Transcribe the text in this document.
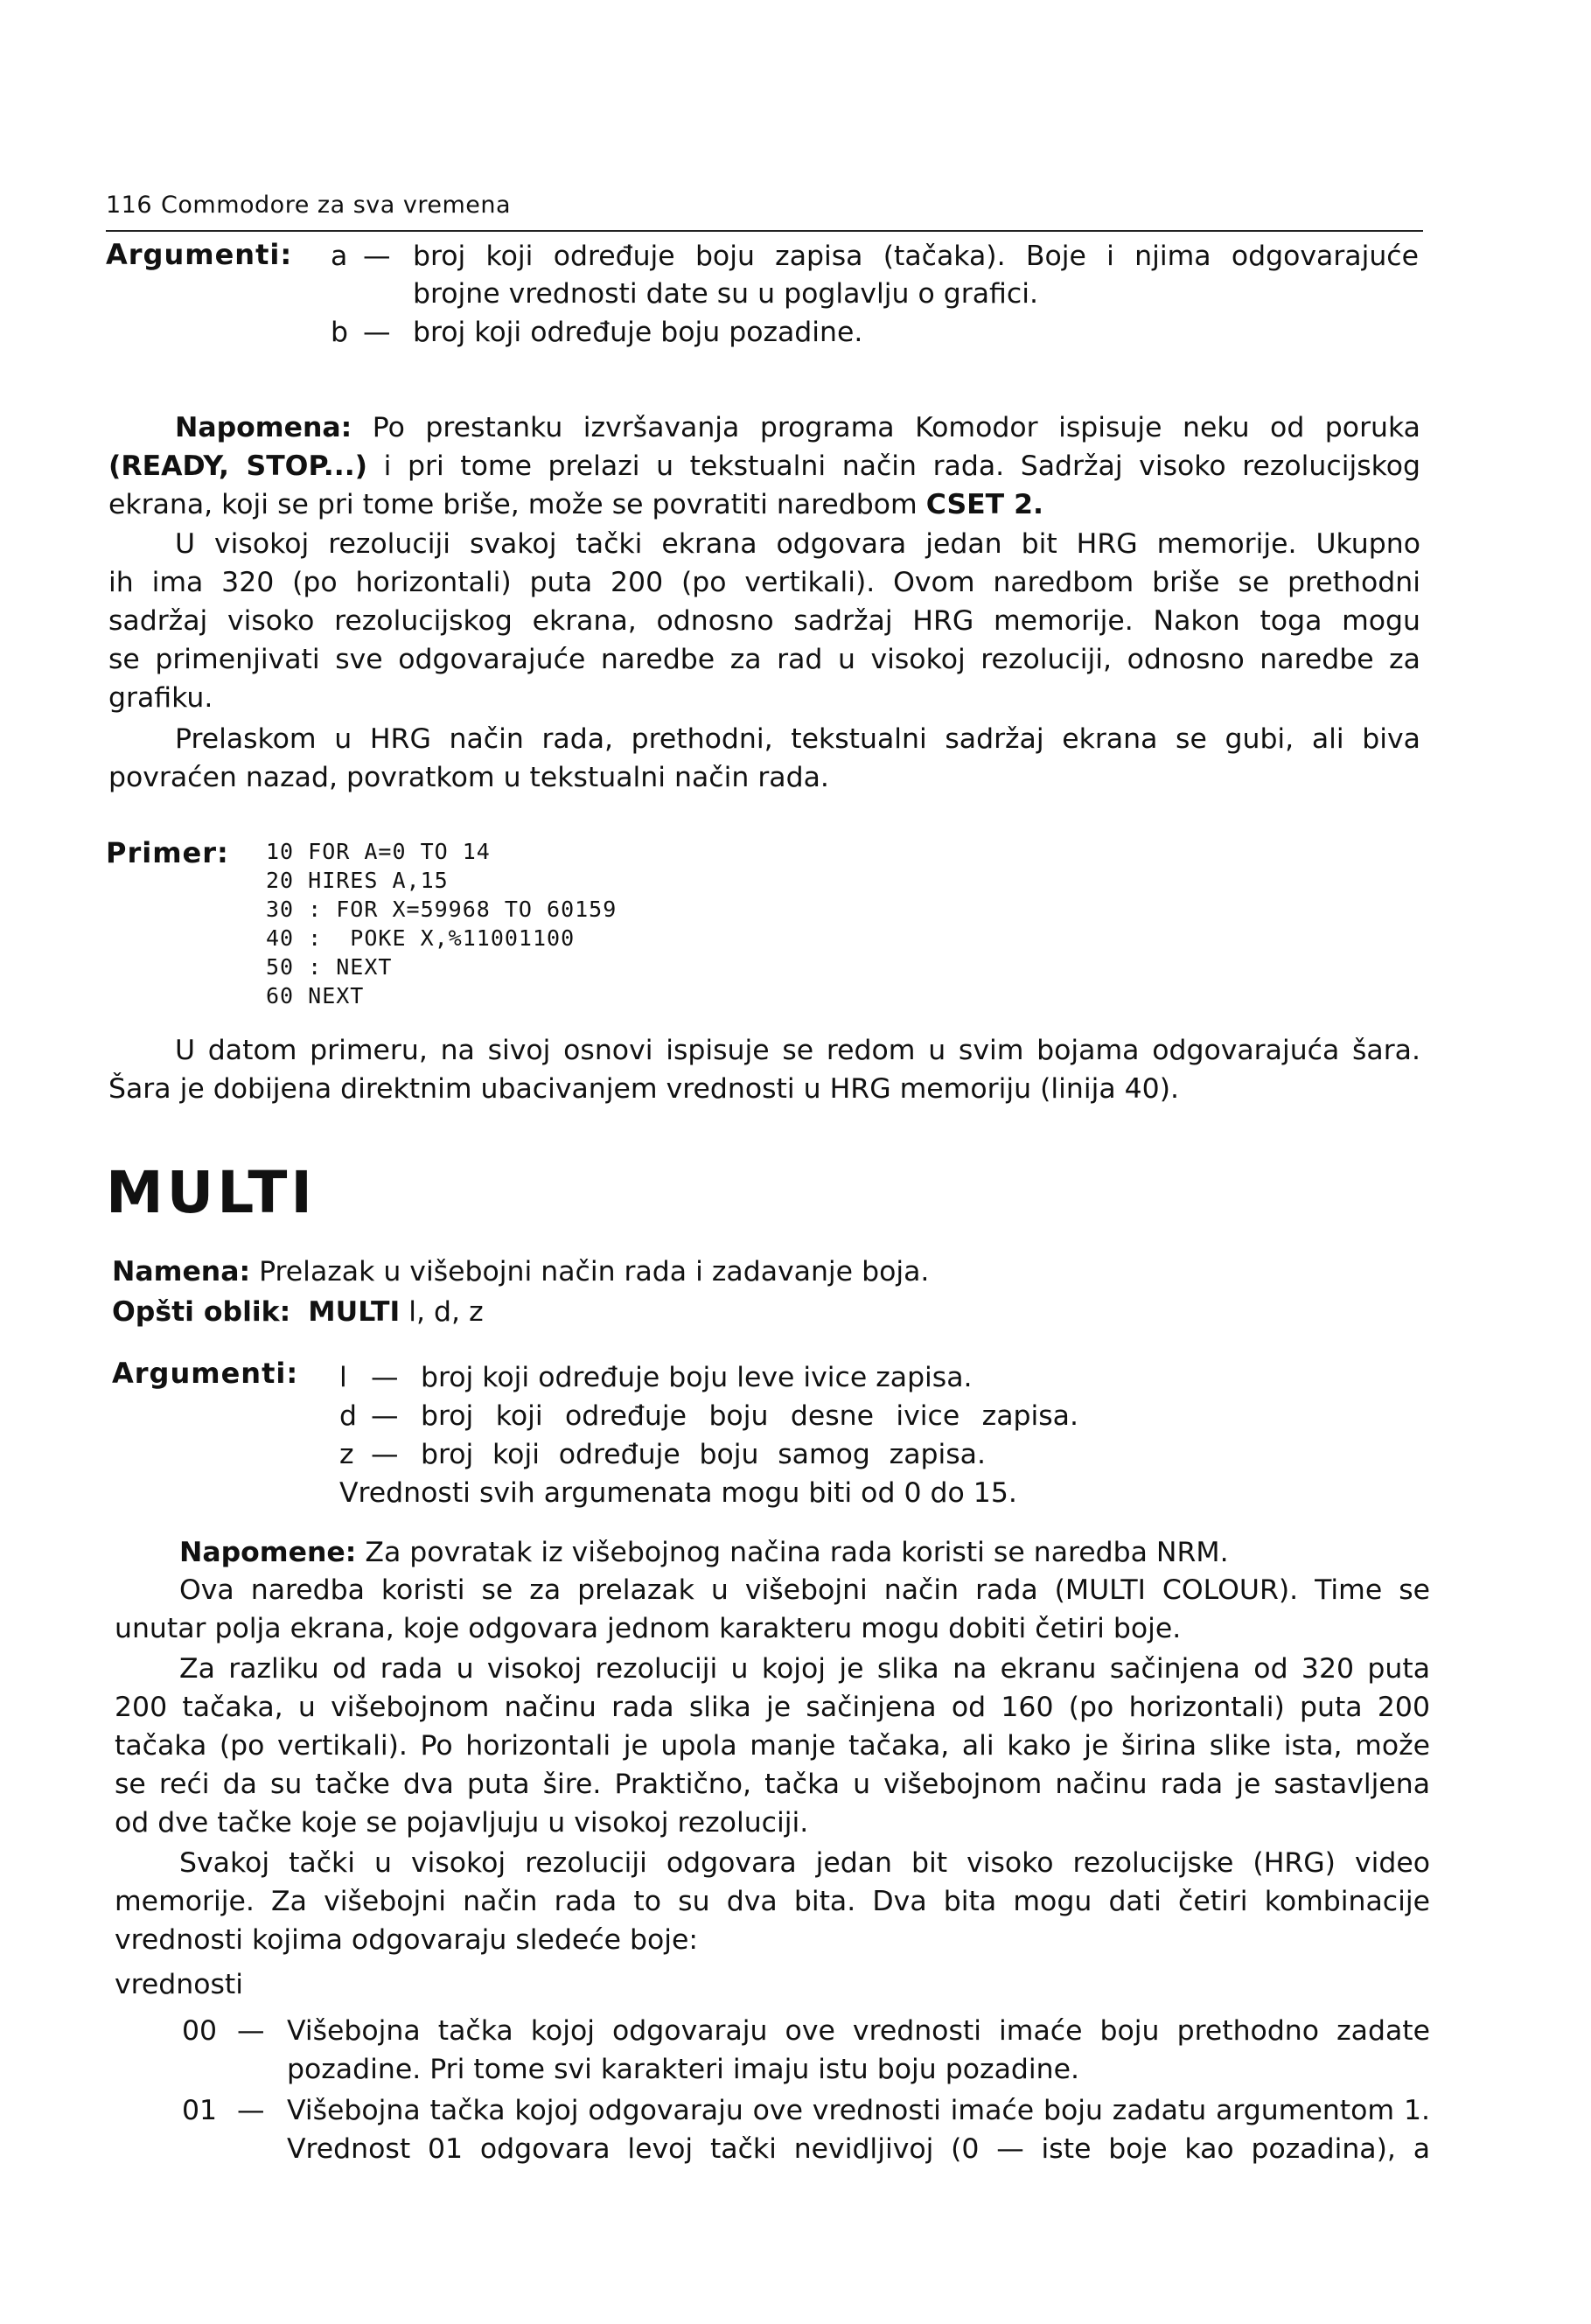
116 Commodore za sva vremena
Argumenti: a — broj koji određuje boju zapisa (tačaka). Boje i njima odgovarajuće
brojne vrednosti date su u poglavlju o grafici.
b — broj koji određuje boju pozadine.
Napomena: Po prestanku izvršavanja programa Komodor ispisuje neku od poruka
(READY, STOP...) i pri tome prelazi u tekstualni način rada. Sadržaj visoko rezolucijskog
ekrana, koji se pri tome briše, može se povratiti naredbom CSET 2.
U visokoj rezoluciji svakoj tački ekrana odgovara jedan bit HRG memorije. Ukupno
ih ima 320 (po horizontali) puta 200 (po vertikali). Ovom naredbom briše se prethodni
sadržaj visoko rezolucijskog ekrana, odnosno sadržaj HRG memorije. Nakon toga mogu
se primenjivati sve odgovarajuće naredbe za rad u visokoj rezoluciji, odnosno naredbe za
grafiku.
Prelaskom u HRG način rada, prethodni, tekstualni sadržaj ekrana se gubi, ali biva
povraćen nazad, povratkom u tekstualni način rada.
Primer: 10 FOR A=0 TO 14
20 HIRES A,15
30 : FOR X=59968 TO 60159
40 :  POKE X,%11001100
50 : NEXT
60 NEXT
U datom primeru, na sivoj osnovi ispisuje se redom u svim bojama odgovarajuća šara.
Šara je dobijena direktnim ubacivanjem vrednosti u HRG memoriju (linija 40).
MULTI
Namena: Prelazak u višebojni način rada i zadavanje boja.
Opšti oblik: MULTI l, d, z
Argumenti: l — broj koji određuje boju leve ivice zapisa.
d — broj koji određuje boju desne ivice zapisa.
z — broj koji određuje boju samog zapisa.
Vrednosti svih argumenata mogu biti od 0 do 15.
Napomene: Za povratak iz višebojnog načina rada koristi se naredba NRM.
Ova naredba koristi se za prelazak u višebojni način rada (MULTI COLOUR). Time se
unutar polja ekrana, koje odgovara jednom karakteru mogu dobiti četiri boje.
Za razliku od rada u visokoj rezoluciji u kojoj je slika na ekranu sačinjena od 320 puta
200 tačaka, u višebojnom načinu rada slika je sačinjena od 160 (po horizontali) puta 200
tačaka (po vertikali). Po horizontali je upola manje tačaka, ali kako je širina slike ista, može
se reći da su tačke dva puta šire. Praktično, tačka u višebojnom načinu rada je sastavljena
od dve tačke koje se pojavljuju u visokoj rezoluciji.
Svakoj tački u visokoj rezoluciji odgovara jedan bit visoko rezolucijske (HRG) video
memorije. Za višebojni način rada to su dva bita. Dva bita mogu dati četiri kombinacije
vrednosti kojima odgovaraju sledeće boje:
vrednosti
00 — Višebojna tačka kojoj odgovaraju ove vrednosti imaće boju prethodno zadate
pozadine. Pri tome svi karakteri imaju istu boju pozadine.
01 — Višebojna tačka kojoj odgovaraju ove vrednosti imaće boju zadatu argumentom 1.
Vrednost 01 odgovara levoj tački nevidljivoj (0 — iste boje kao pozadina), a
